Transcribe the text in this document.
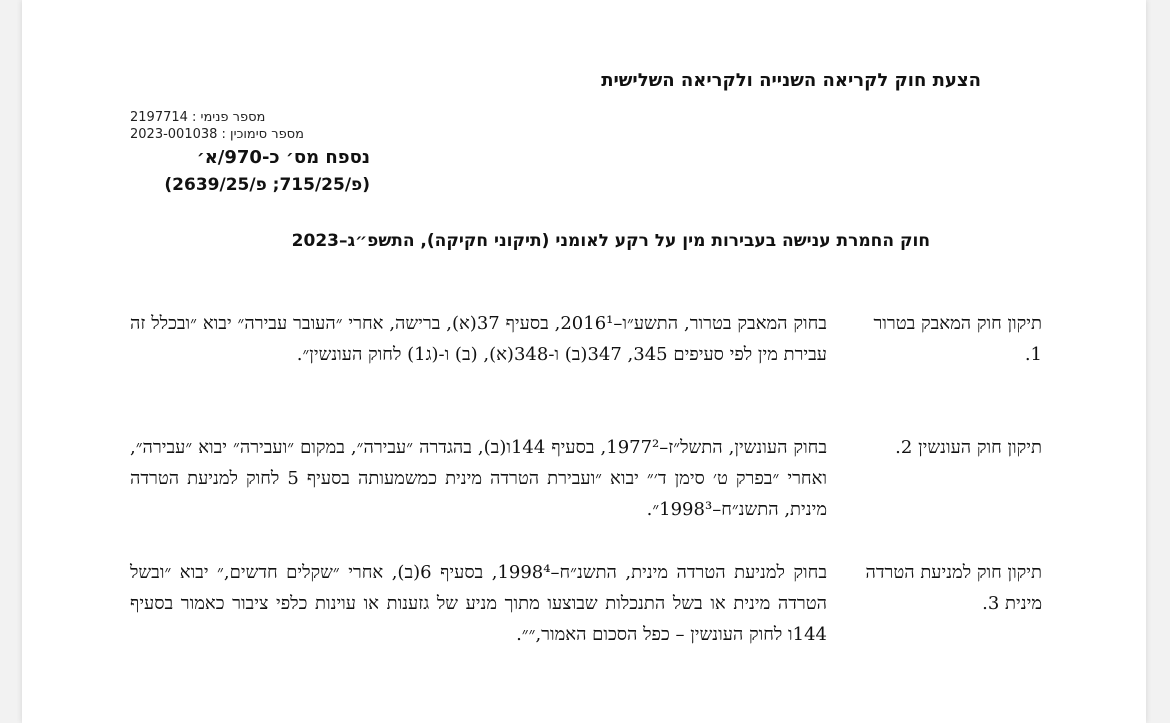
הצעת חוק לקריאה השנייה ולקריאה השלישית
2197714 מספר פנימי :
2023-001038 מספר סימוכין :
נספח מס׳ כ-970/א׳
(פ/715/25; פ/2639/25)
חוק החמרת ענישה בעבירות מין על רקע לאומני (תיקוני חקיקה), התשפ״ג–2023
תיקון חוק המאבק בטרור 1.
בחוק המאבק בטרור, התשע״ו–2016¹, בסעיף 37(א), ברישה, אחרי ״העובר עבירה״ יבוא ״ובכלל זה עבירת מין לפי סעיפים 345, 347(ב) ו-348(א), (ב) ו-(ג1) לחוק העונשין״.
תיקון חוק העונשין 2.
בחוק העונשין, התשל״ז–1977², בסעיף 144ו(ב), בהגדרה ״עבירה״, במקום ״ועבירה״ יבוא ״עבירה״, ואחרי ״בפרק ט׳ סימן ד׳״ יבוא ״ועבירת הטרדה מינית כמשמעותה בסעיף 5 לחוק למניעת הטרדה מינית, התשנ״ח–1998³״.
תיקון חוק למניעת הטרדה מינית 3.
בחוק למניעת הטרדה מינית, התשנ״ח–1998⁴, בסעיף 6(ב), אחרי ״שקלים חדשים,״ יבוא ״ובשל הטרדה מינית או בשל התנכלות שבוצעו מתוך מניע של גזענות או עוינות כלפי ציבור כאמור בסעיף 144ו לחוק העונשין – כפל הסכום האמור,״״.
